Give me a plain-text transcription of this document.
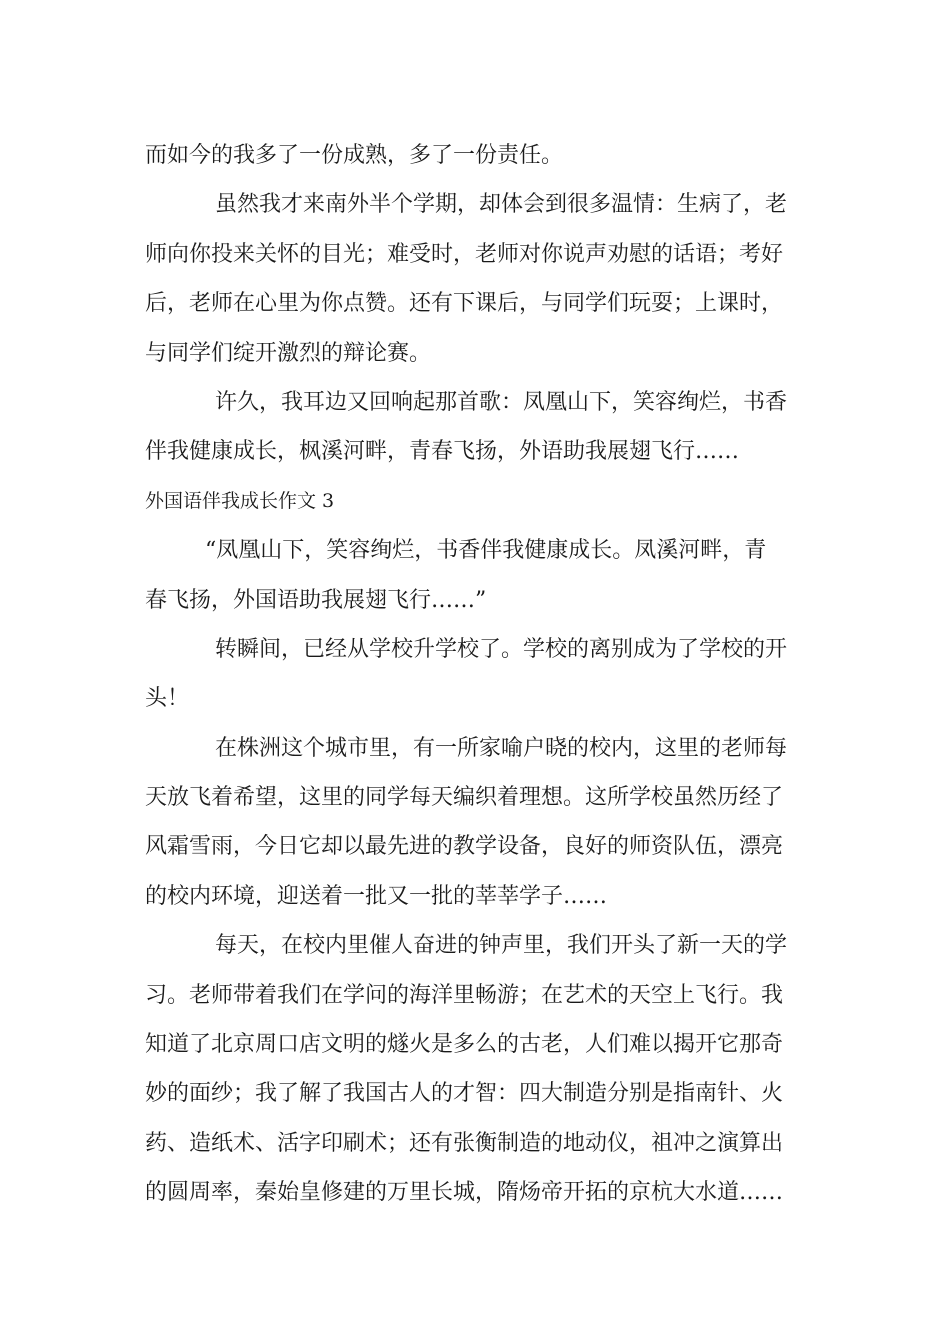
而如今的我多了一份成熟，多了一份责任。
虽然我才来南外半个学期，却体会到很多温情：生病了，老
师向你投来关怀的目光；难受时，老师对你说声劝慰的话语；考好
后，老师在心里为你点赞。还有下课后，与同学们玩耍；上课时，
与同学们绽开激烈的辩论赛。
许久，我耳边又回响起那首歌：凤凰山下，笑容绚烂，书香
伴我健康成长，枫溪河畔，青春飞扬，外语助我展翅飞行……
外国语伴我成长作文 3
“凤凰山下，笑容绚烂，书香伴我健康成长。凤溪河畔，青
春飞扬，外国语助我展翅飞行……”
转瞬间，已经从学校升学校了。学校的离别成为了学校的开
头！
在株洲这个城市里，有一所家喻户晓的校内，这里的老师每
天放飞着希望，这里的同学每天编织着理想。这所学校虽然历经了
风霜雪雨，今日它却以最先进的教学设备，良好的师资队伍，漂亮
的校内环境，迎送着一批又一批的莘莘学子……
每天，在校内里催人奋进的钟声里，我们开头了新一天的学
习。老师带着我们在学问的海洋里畅游；在艺术的天空上飞行。我
知道了北京周口店文明的燧火是多么的古老，人们难以揭开它那奇
妙的面纱；我了解了我国古人的才智：四大制造分别是指南针、火
药、造纸术、活字印刷术；还有张衡制造的地动仪，祖冲之演算出
的圆周率，秦始皇修建的万里长城，隋炀帝开拓的京杭大水道……
